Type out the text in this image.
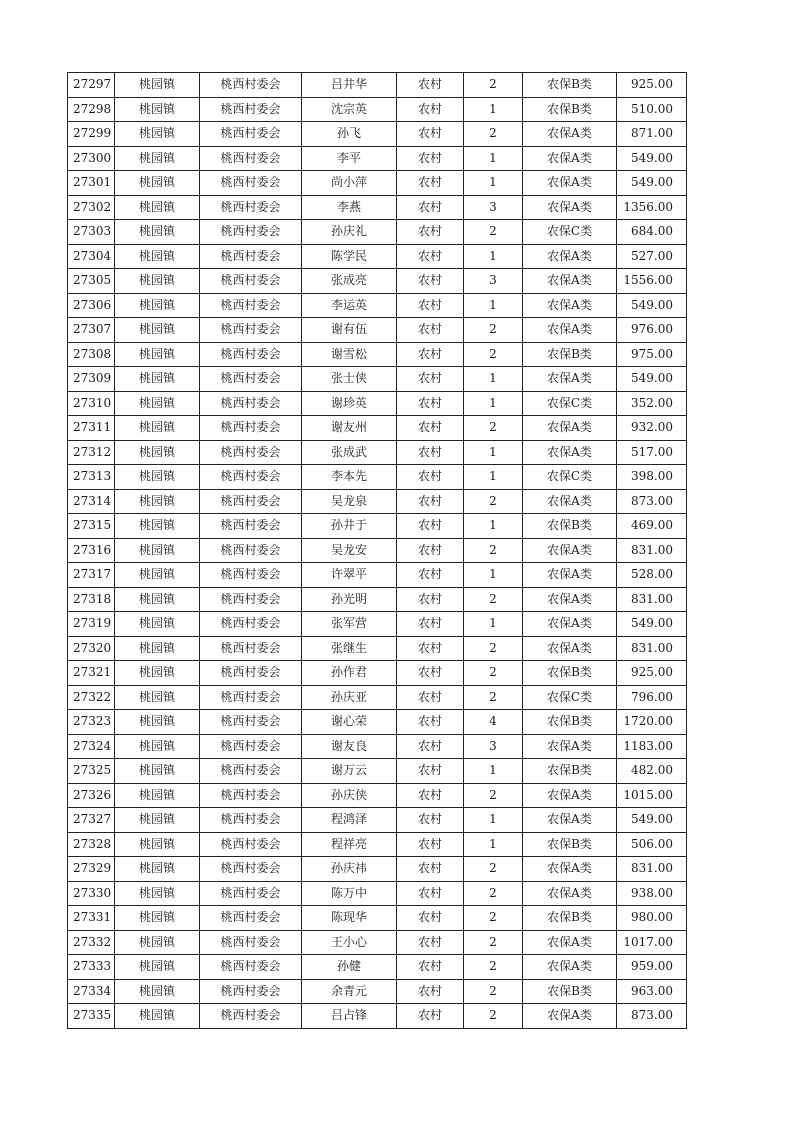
27297	桃园镇	桃西村委会	吕井华	农村	2	农保B类	925.00
27298	桃园镇	桃西村委会	沈宗英	农村	1	农保B类	510.00
27299	桃园镇	桃西村委会	孙飞	农村	2	农保A类	871.00
27300	桃园镇	桃西村委会	李平	农村	1	农保A类	549.00
27301	桃园镇	桃西村委会	尚小萍	农村	1	农保A类	549.00
27302	桃园镇	桃西村委会	李燕	农村	3	农保A类	1356.00
27303	桃园镇	桃西村委会	孙庆礼	农村	2	农保C类	684.00
27304	桃园镇	桃西村委会	陈学民	农村	1	农保A类	527.00
27305	桃园镇	桃西村委会	张成亮	农村	3	农保A类	1556.00
27306	桃园镇	桃西村委会	李运英	农村	1	农保A类	549.00
27307	桃园镇	桃西村委会	谢有伍	农村	2	农保A类	976.00
27308	桃园镇	桃西村委会	谢雪松	农村	2	农保B类	975.00
27309	桃园镇	桃西村委会	张士侠	农村	1	农保A类	549.00
27310	桃园镇	桃西村委会	谢珍英	农村	1	农保C类	352.00
27311	桃园镇	桃西村委会	谢友州	农村	2	农保A类	932.00
27312	桃园镇	桃西村委会	张成武	农村	1	农保A类	517.00
27313	桃园镇	桃西村委会	李本先	农村	1	农保C类	398.00
27314	桃园镇	桃西村委会	吴龙泉	农村	2	农保A类	873.00
27315	桃园镇	桃西村委会	孙井于	农村	1	农保B类	469.00
27316	桃园镇	桃西村委会	吴龙安	农村	2	农保A类	831.00
27317	桃园镇	桃西村委会	许翠平	农村	1	农保A类	528.00
27318	桃园镇	桃西村委会	孙光明	农村	2	农保A类	831.00
27319	桃园镇	桃西村委会	张军营	农村	1	农保A类	549.00
27320	桃园镇	桃西村委会	张继生	农村	2	农保A类	831.00
27321	桃园镇	桃西村委会	孙作君	农村	2	农保B类	925.00
27322	桃园镇	桃西村委会	孙庆亚	农村	2	农保C类	796.00
27323	桃园镇	桃西村委会	谢心荣	农村	4	农保B类	1720.00
27324	桃园镇	桃西村委会	谢友良	农村	3	农保A类	1183.00
27325	桃园镇	桃西村委会	谢万云	农村	1	农保B类	482.00
27326	桃园镇	桃西村委会	孙庆侠	农村	2	农保A类	1015.00
27327	桃园镇	桃西村委会	程鸿泽	农村	1	农保A类	549.00
27328	桃园镇	桃西村委会	程祥亮	农村	1	农保B类	506.00
27329	桃园镇	桃西村委会	孙庆祎	农村	2	农保A类	831.00
27330	桃园镇	桃西村委会	陈万中	农村	2	农保A类	938.00
27331	桃园镇	桃西村委会	陈现华	农村	2	农保B类	980.00
27332	桃园镇	桃西村委会	王小心	农村	2	农保A类	1017.00
27333	桃园镇	桃西村委会	孙健	农村	2	农保A类	959.00
27334	桃园镇	桃西村委会	余青元	农村	2	农保B类	963.00
27335	桃园镇	桃西村委会	吕占锋	农村	2	农保A类	873.00
